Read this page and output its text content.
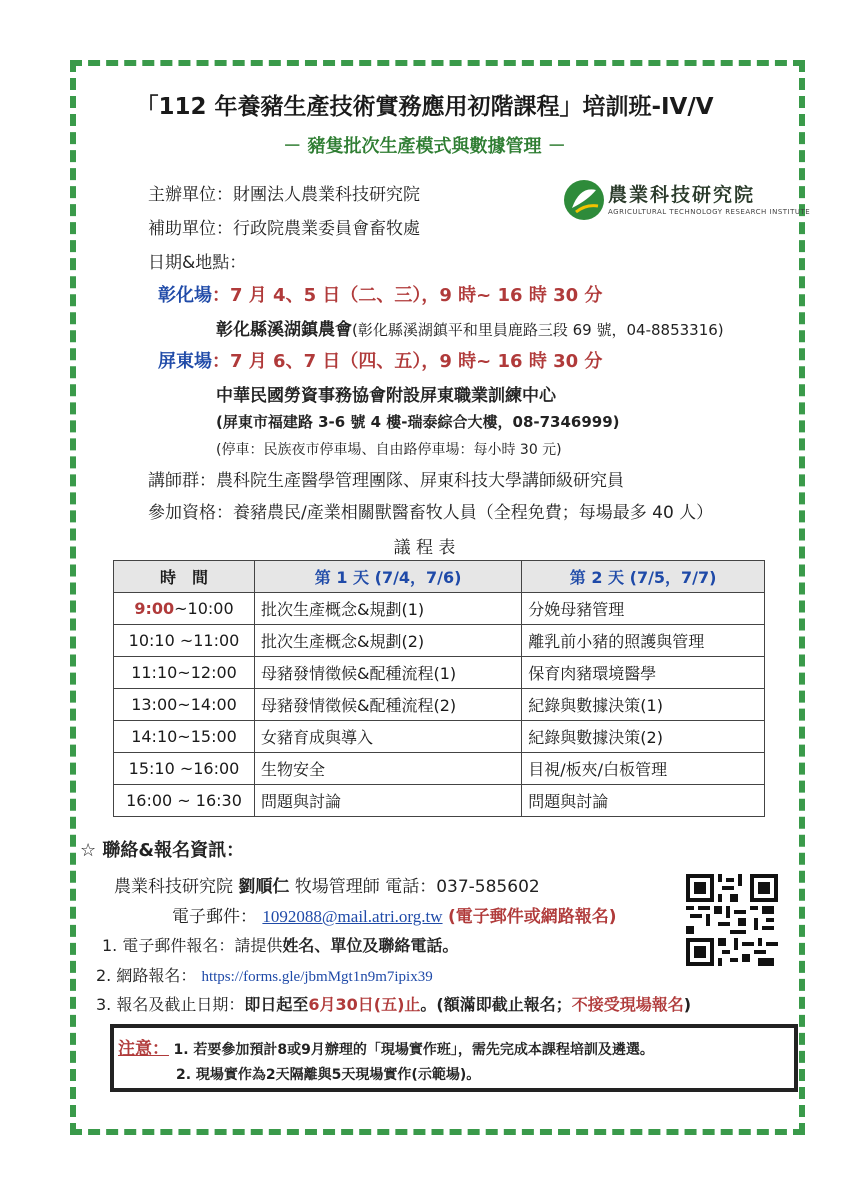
「112 年養豬生產技術實務應用初階課程」培訓班-IV/V
－ 豬隻批次生產模式與數據管理 －
農業科技研究院
AGRICULTURAL TECHNOLOGY RESEARCH INSTITUTE
主辦單位：財團法人農業科技研究院
補助單位：行政院農業委員會畜牧處
日期&地點：
彰化場：7 月 4、5 日（二、三），9 時~ 16 時 30 分
彰化縣溪湖鎮農會(彰化縣溪湖鎮平和里員鹿路三段 69 號，04-8853316)
屏東場：7 月 6、7 日（四、五），9 時~ 16 時 30 分
中華民國勞資事務協會附設屏東職業訓練中心
(屏東市福建路 3-6 號 4 樓-瑞泰綜合大樓，08-7346999)
(停車：民族夜市停車場、自由路停車場：每小時 30 元)
講師群：農科院生產醫學管理團隊、屏東科技大學講師級研究員
參加資格：養豬農民/產業相關獸醫畜牧人員（全程免費；每場最多 40 人）
議 程 表
時　間	第 1 天 (7/4，7/6)	第 2 天 (7/5，7/7)
9:00~10:00	批次生產概念&規劃(1)	分娩母豬管理
10:10 ~11:00	批次生產概念&規劃(2)	離乳前小豬的照護與管理
11:10~12:00	母豬發情徵候&配種流程(1)	保育肉豬環境醫學
13:00~14:00	母豬發情徵候&配種流程(2)	紀錄與數據決策(1)
14:10~15:00	女豬育成與導入	紀錄與數據決策(2)
15:10 ~16:00	生物安全	目視/板夾/白板管理
16:00 ~ 16:30	問題與討論	問題與討論
☆ 聯絡&報名資訊：
農業科技研究院 劉順仁 牧場管理師 電話：037-585602
電子郵件： 1092088@mail.atri.org.tw (電子郵件或網路報名)
1. 電子郵件報名：請提供姓名、單位及聯絡電話。
2. 網路報名： https://forms.gle/jbmMgt1n9m7ipix39
3. 報名及截止日期：即日起至6月30日(五)止。(額滿即截止報名；不接受現場報名)
注意： 1. 若要參加預計8或9月辦理的「現場實作班」，需先完成本課程培訓及遴選。
2. 現場實作為2天隔離與5天現場實作(示範場)。
